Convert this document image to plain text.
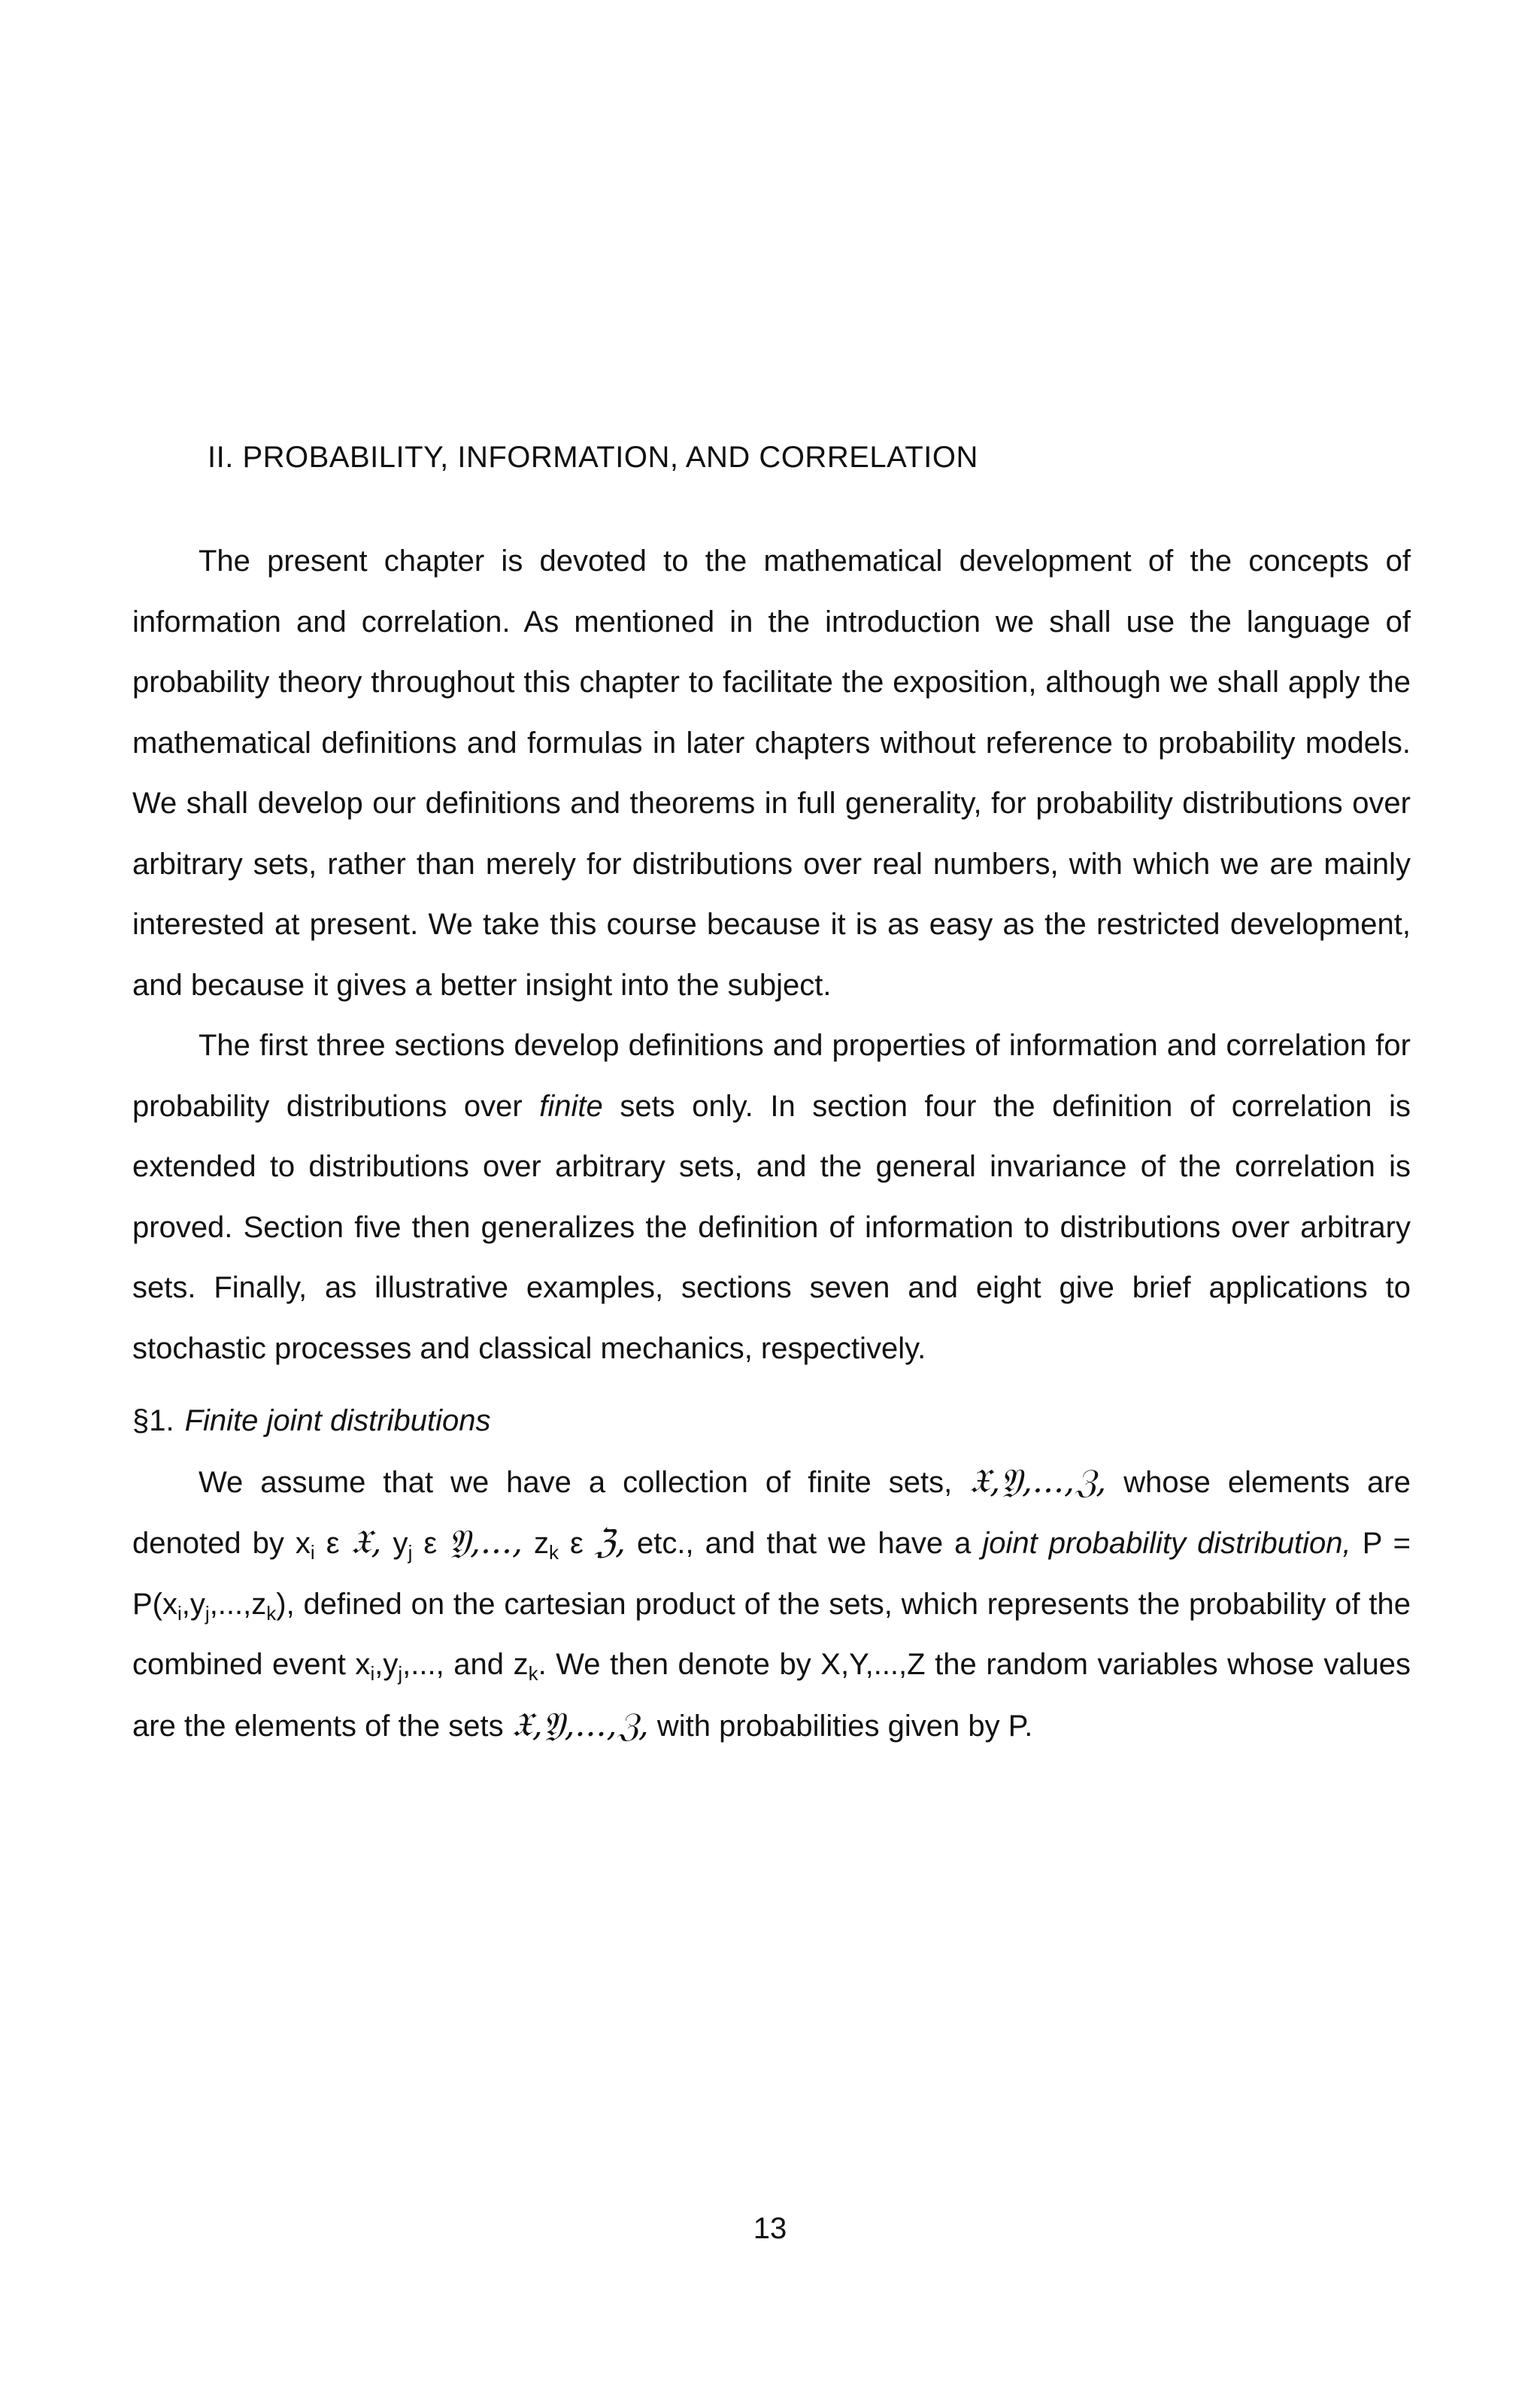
II. PROBABILITY, INFORMATION, AND CORRELATION

The present chapter is devoted to the mathematical development of the concepts of information and correlation. As mentioned in the introduction we shall use the language of probability theory throughout this chapter to facilitate the exposition, although we shall apply the mathematical definitions and formulas in later chapters without reference to probability models. We shall develop our definitions and theorems in full generality, for probability distributions over arbitrary sets, rather than merely for distributions over real numbers, with which we are mainly interested at present. We take this course because it is as easy as the restricted development, and because it gives a better insight into the subject.

The first three sections develop definitions and properties of information and correlation for probability distributions over finite sets only. In section four the definition of correlation is extended to distributions over arbitrary sets, and the general invariance of the correlation is proved. Section five then generalizes the definition of information to distributions over arbitrary sets. Finally, as illustrative examples, sections seven and eight give brief applications to stochastic processes and classical mechanics, respectively.

§1. Finite joint distributions

We assume that we have a collection of finite sets, 𝔛,𝔜,...,ℨ, whose elements are denoted by $x_i$ ε 𝔛, $y_j$ ε 𝔜,..., $z_k$ ε ℨ, etc., and that we have a joint probability distribution, $P = P(x_i,y_j,...,z_k)$, defined on the cartesian product of the sets, which represents the probability of the combined event $x_i,y_j$,..., and $z_k$. We then denote by X,Y,...,Z the random variables whose values are the elements of the sets 𝔛,𝔜,...,ℨ, with probabilities given by P.

13
